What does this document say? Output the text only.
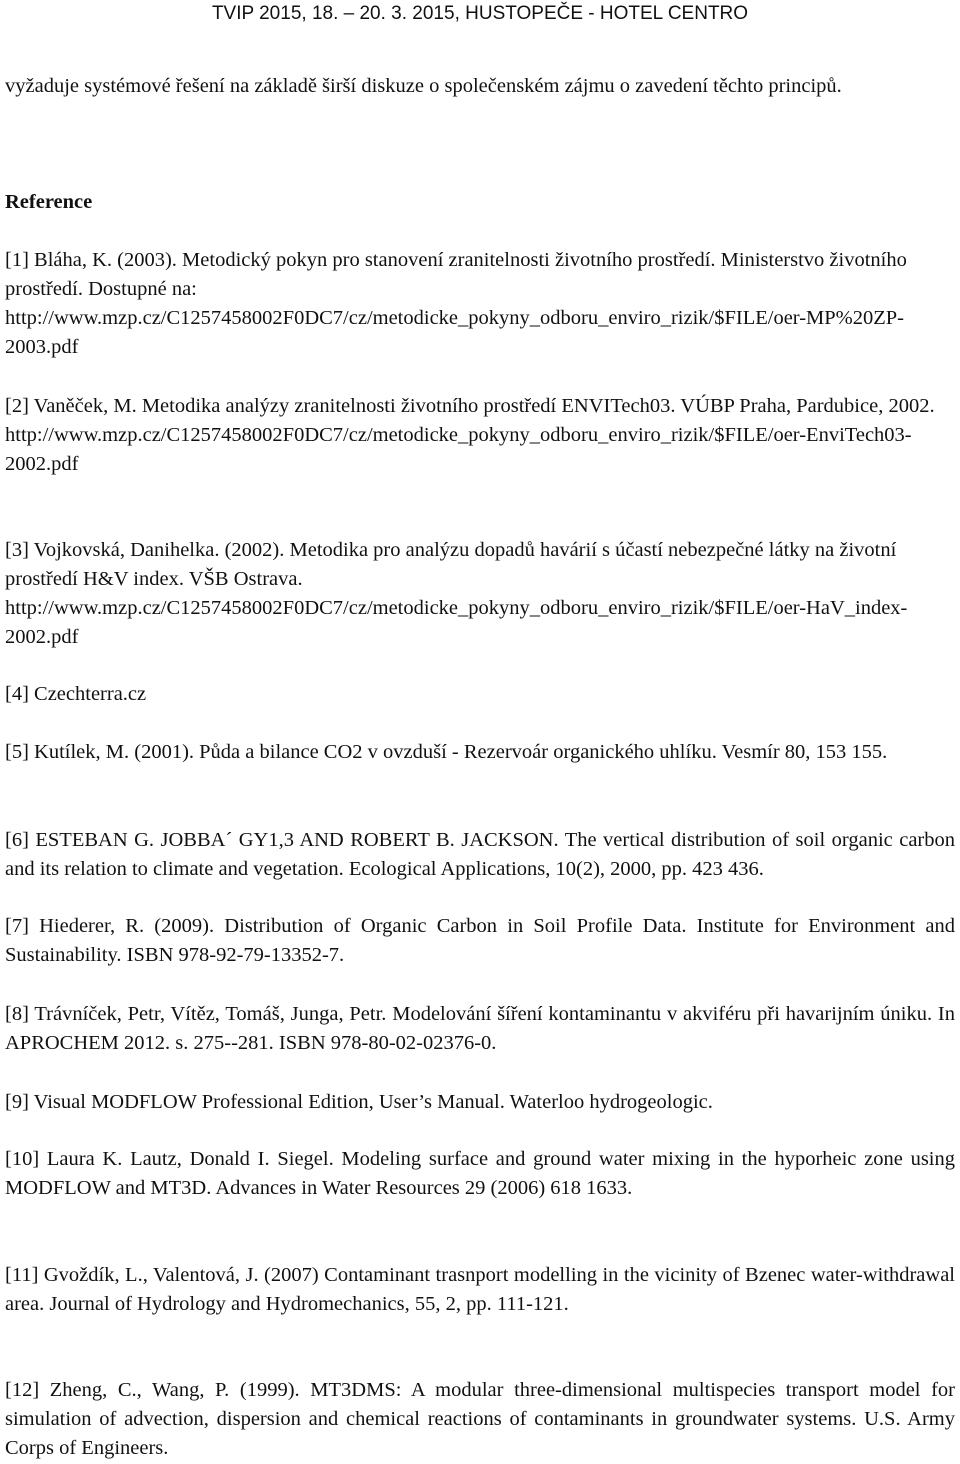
TVIP 2015, 18. – 20. 3. 2015, HUSTOPEČE - HOTEL CENTRO

vyžaduje systémové řešení na základě širší diskuze o společenském zájmu o zavedení těchto principů.

Reference

[1] Bláha, K. (2003). Metodický pokyn pro stanovení zranitelnosti životního prostředí. Ministerstvo životního prostředí. Dostupné na: http://www.mzp.cz/C1257458002F0DC7/cz/metodicke_pokyny_odboru_enviro_rizik/$FILE/oer-MP%20ZP-2003.pdf

[2] Vaněček, M. Metodika analýzy zranitelnosti životního prostředí ENVITech03. VÚBP Praha, Pardubice, 2002. http://www.mzp.cz/C1257458002F0DC7/cz/metodicke_pokyny_odboru_enviro_rizik/$FILE/oer-EnviTech03-2002.pdf

[3] Vojkovská, Danihelka. (2002). Metodika pro analýzu dopadů havárií s účastí nebezpečné látky na životní prostředí H&V index. VŠB Ostrava. http://www.mzp.cz/C1257458002F0DC7/cz/metodicke_pokyny_odboru_enviro_rizik/$FILE/oer-HaV_index-2002.pdf

[4] Czechterra.cz

[5] Kutílek, M. (2001). Půda a bilance CO2 v ovzduší - Rezervoár organického uhlíku. Vesmír 80, 153 155.

[6] ESTEBAN G. JOBBA´ GY1,3 AND ROBERT B. JACKSON. The vertical distribution of soil organic carbon and its relation to climate and vegetation. Ecological Applications, 10(2), 2000, pp. 423 436.

[7] Hiederer, R. (2009). Distribution of Organic Carbon in Soil Profile Data. Institute for Environment and Sustainability. ISBN 978-92-79-13352-7.

[8] Trávníček, Petr, Vítěz, Tomáš, Junga, Petr. Modelování šíření kontaminantu v akviféru při havarijním úniku. In APROCHEM 2012. s. 275--281. ISBN 978-80-02-02376-0.

[9] Visual MODFLOW Professional Edition, User’s Manual. Waterloo hydrogeologic.

[10] Laura K. Lautz, Donald I. Siegel. Modeling surface and ground water mixing in the hyporheic zone using MODFLOW and MT3D. Advances in Water Resources 29 (2006) 618 1633.

[11] Gvoždík, L., Valentová, J. (2007) Contaminant trasnport modelling in the vicinity of Bzenec water-withdrawal area. Journal of Hydrology and Hydromechanics, 55, 2, pp. 111-121.

[12] Zheng, C., Wang, P. (1999). MT3DMS: A modular three-dimensional multispecies transport model for simulation of advection, dispersion and chemical reactions of contaminants in groundwater systems. U.S. Army Corps of Engineers.
